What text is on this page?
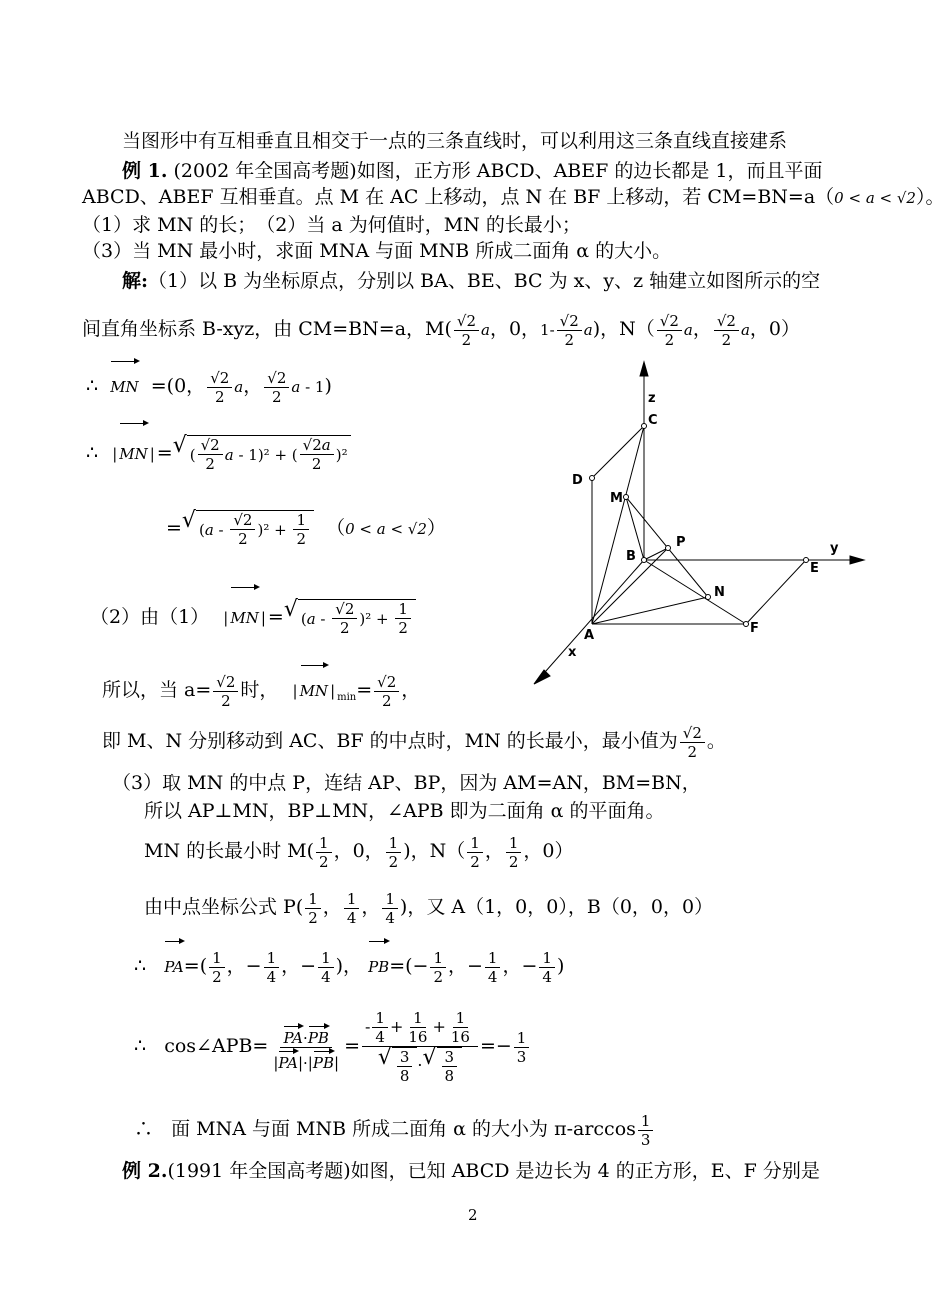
当图形中有互相垂直且相交于一点的三条直线时，可以利用这三条直线直接建系
例 1. (2002 年全国高考题)如图，正方形 ABCD、ABEF 的边长都是 1，而且平面
ABCD、ABEF 互相垂直。点 M 在 AC 上移动，点 N 在 BF 上移动，若 CM=BN=a（0 < a < √2）。
（1）求 MN 的长；　（2）当 a 为何值时，MN 的长最小；
（3）当 MN 最小时，求面 MNA 与面 MNB 所成二面角 α 的大小。
解:（1）以 B 为坐标原点，分别以 BA、BE、BC 为 x、y、z 轴建立如图所示的空
间直角坐标系 B-xyz，由 CM=BN=a，$M( \frac{√2}{2}$ a，0，$1- \frac{√2}{2} a$)，$N( \frac{√2}{2}$ a， $\frac{√2}{2}$ a，0）
∴ MN =(0， $\frac{√2}{2}$ a， $\frac{√2}{2}$ a - 1)
∴ | MN | = √ ( $\frac{√2}{2}$ a - 1)² + ( $\frac{√2a}{2} )^2$
= √ ( $a - \frac{√2}{2} )^2 + \frac{1}{2} (0 < a < √2)$
（2）由（1） | MN | = √ ( $a - \frac{√2}{2} )^2 + \frac{1}{2}$
所以，当 $a= \frac{√2}{2}$ 时， | MN | $_{min}= \frac{√2}{2}$ ，
即 M、N 分别移动到 AC、BF 的中点时，MN 的长最小，最小值为 $\frac{√2}{2}$ 。
（3）取 MN 的中点 P，连结 AP、BP，因为 AM=AN，BM=BN，
所以 AP⊥MN，BP⊥MN，∠APB 即为二面角 α 的平面角。
MN 的长最小时 $M( \frac{1}{2}$ ，0， $\frac{1}{2}$ )，$N( \frac{1}{2}$ ， $\frac{1}{2}$ ，0）
由中点坐标公式 $P( \frac{1}{2}$ ， $\frac{1}{4}$ ， $\frac{1}{4}$ )，又 A（1，0，0），B（0，0，0）
∴ $PA=( \frac{1}{2}$ ，− $\frac{1}{4}$ ，− $\frac{1}{4}$ )， $PB=(- \frac{1}{2}$ ，− $\frac{1}{4}$ ，− $\frac{1}{4}$ )
∴ cos∠APB= $\frac{PA\cdot PB}{|PA|\cdot|PB|} = \frac{- \frac{1}{4} + \frac{1}{16} + \frac{1}{16}}{√ \frac{3}{8} \cdot √ \frac{3}{8}} =- \frac{1}{3}$
∴ 面 MNA 与面 MNB 所成二面角 α 的大小为 $\pi-\arccos \frac{1}{3}$
例 2.(1991 年全国高考题)如图，已知 ABCD 是边长为 4 的正方形，E、F 分别是
2
z
C
D
M
P
B
y
E
N
F
A
x
